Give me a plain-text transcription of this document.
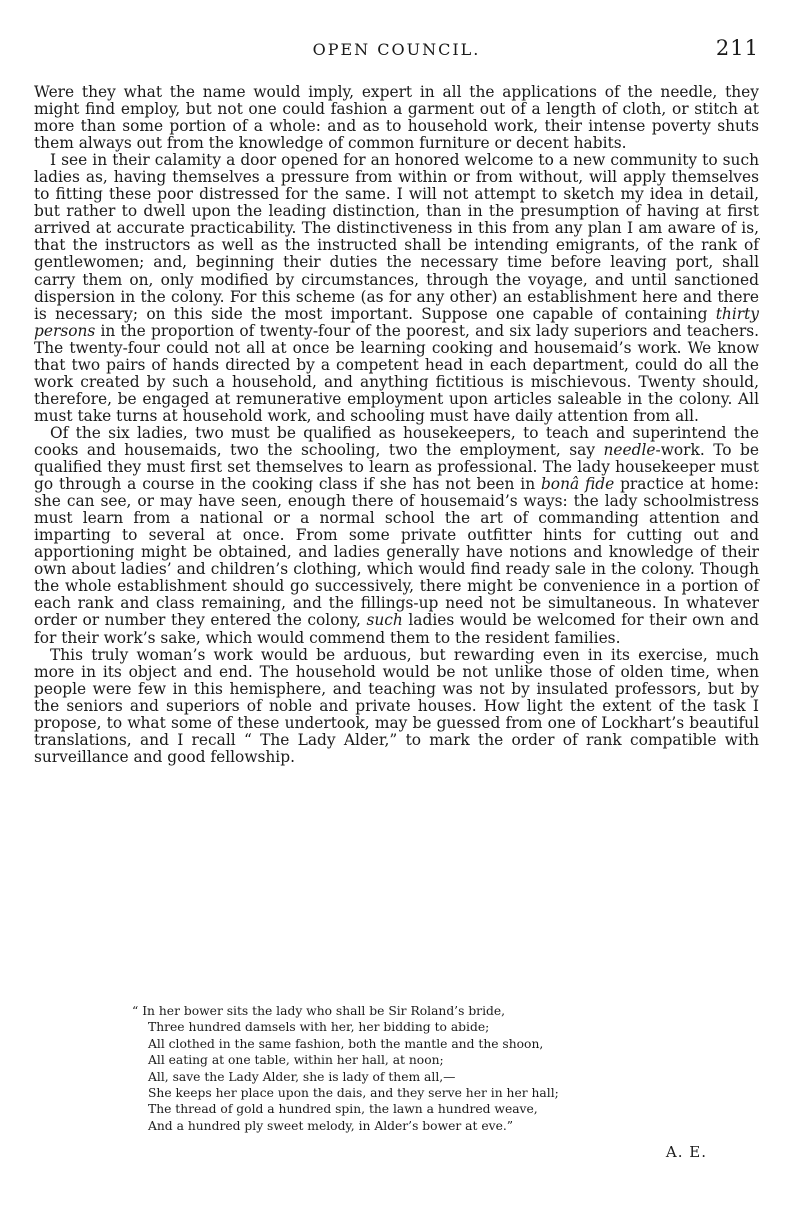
OPEN COUNCIL.	211

Were they what the name would imply, expert in all the applications of the needle, they might find employ, but not one could fashion a garment out of a length of cloth, or stitch at more than some portion of a whole: and as to household work, their intense poverty shuts them always out from the knowledge of common furniture or decent habits.

I see in their calamity a door opened for an honored welcome to a new community to such ladies as, having themselves a pressure from within or from without, will apply themselves to fitting these poor distressed for the same. I will not attempt to sketch my idea in detail, but rather to dwell upon the leading distinction, than in the presumption of having at first arrived at accurate practicability. The distinctiveness in this from any plan I am aware of is, that the instructors as well as the instructed shall be intending emigrants, of the rank of gentlewomen; and, beginning their duties the necessary time before leaving port, shall carry them on, only modified by circumstances, through the voyage, and until sanctioned dispersion in the colony. For this scheme (as for any other) an establishment here and there is necessary; on this side the most important. Suppose one capable of containing thirty persons in the proportion of twenty-four of the poorest, and six lady superiors and teachers. The twenty-four could not all at once be learning cooking and housemaid’s work. We know that two pairs of hands directed by a competent head in each department, could do all the work created by such a household, and anything fictitious is mischievous. Twenty should, therefore, be engaged at remunerative employment upon articles saleable in the colony. All must take turns at household work, and schooling must have daily attention from all.

Of the six ladies, two must be qualified as housekeepers, to teach and superintend the cooks and housemaids, two the schooling, two the employment, say needle-work. To be qualified they must first set themselves to learn as professional. The lady housekeeper must go through a course in the cooking class if she has not been in bonâ fide practice at home: she can see, or may have seen, enough there of housemaid’s ways: the lady schoolmistress must learn from a national or a normal school the art of commanding attention and imparting to several at once. From some private outfitter hints for cutting out and apportioning might be obtained, and ladies generally have notions and knowledge of their own about ladies’ and children’s clothing, which would find ready sale in the colony. Though the whole establishment should go successively, there might be convenience in a portion of each rank and class remaining, and the fillings-up need not be simultaneous. In whatever order or number they entered the colony, such ladies would be welcomed for their own and for their work’s sake, which would commend them to the resident families.

This truly woman’s work would be arduous, but rewarding even in its exercise, much more in its object and end. The household would be not unlike those of olden time, when people were few in this hemisphere, and teaching was not by insulated professors, but by the seniors and superiors of noble and private houses. How light the extent of the task I propose, to what some of these undertook, may be guessed from one of Lockhart’s beautiful translations, and I recall “ The Lady Alder,” to mark the order of rank compatible with surveillance and good fellowship.

“ In her bower sits the lady who shall be Sir Roland’s bride,
Three hundred damsels with her, her bidding to abide;
All clothed in the same fashion, both the mantle and the shoon,
All eating at one table, within her hall, at noon;
All, save the Lady Alder, she is lady of them all,—
She keeps her place upon the dais, and they serve her in her hall;
The thread of gold a hundred spin, the lawn a hundred weave,
And a hundred ply sweet melody, in Alder’s bower at eve.”
A. E.
